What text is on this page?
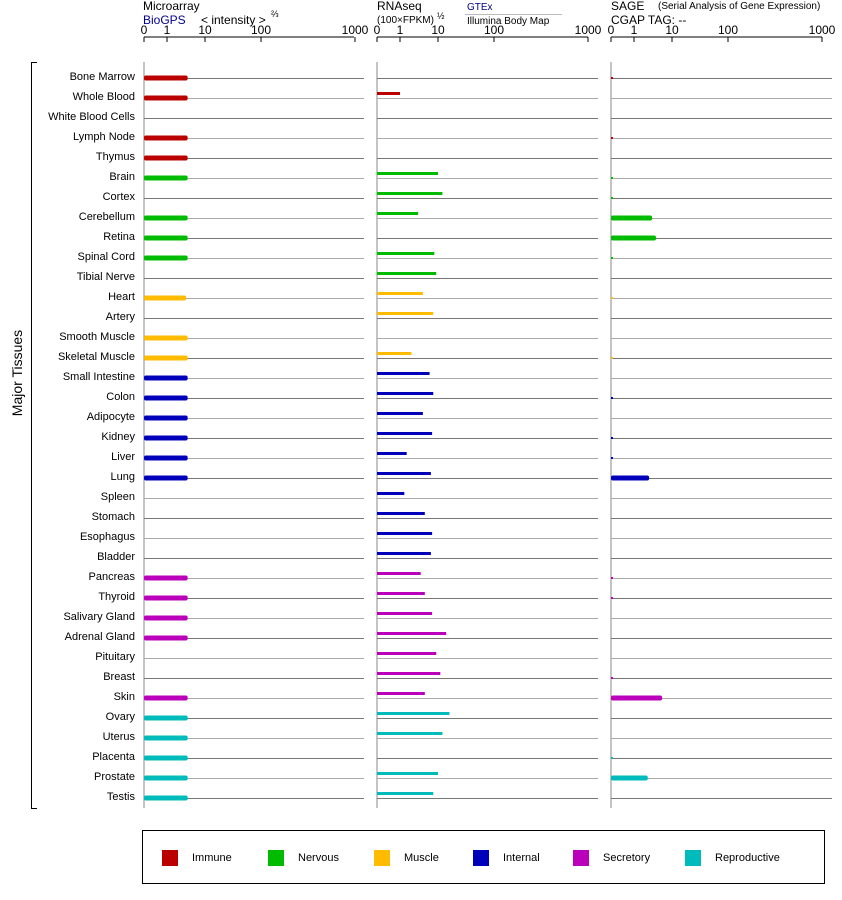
Microarray
BioGPS < intensity > ⅔
RNAseq
(100×FPKM) ½
GTEx
Illumina Body Map
SAGE (Serial Analysis of Gene Expression)
CGAP TAG: --
0 1 10	100	1000 0 1 10	100	1000 0 1 10	100	1000
Bone Marrow
Whole Blood
White Blood Cells
Lymph Node
Thymus
Brain
Cortex
Cerebellum
Retina
Spinal Cord
Tibial Nerve
Heart
Artery
Smooth Muscle
Skeletal Muscle
Small Intestine
Colon
Adipocyte
Kidney
Liver
Lung
Spleen
Stomach
Esophagus
Bladder
Pancreas
Thyroid
Salivary Gland
Adrenal Gland
Pituitary
Breast
Skin
Ovary
Uterus
Placenta
Prostate
Testis
Major Tissues
Immune	Nervous	Muscle	Internal	Secretory	Reproductive
